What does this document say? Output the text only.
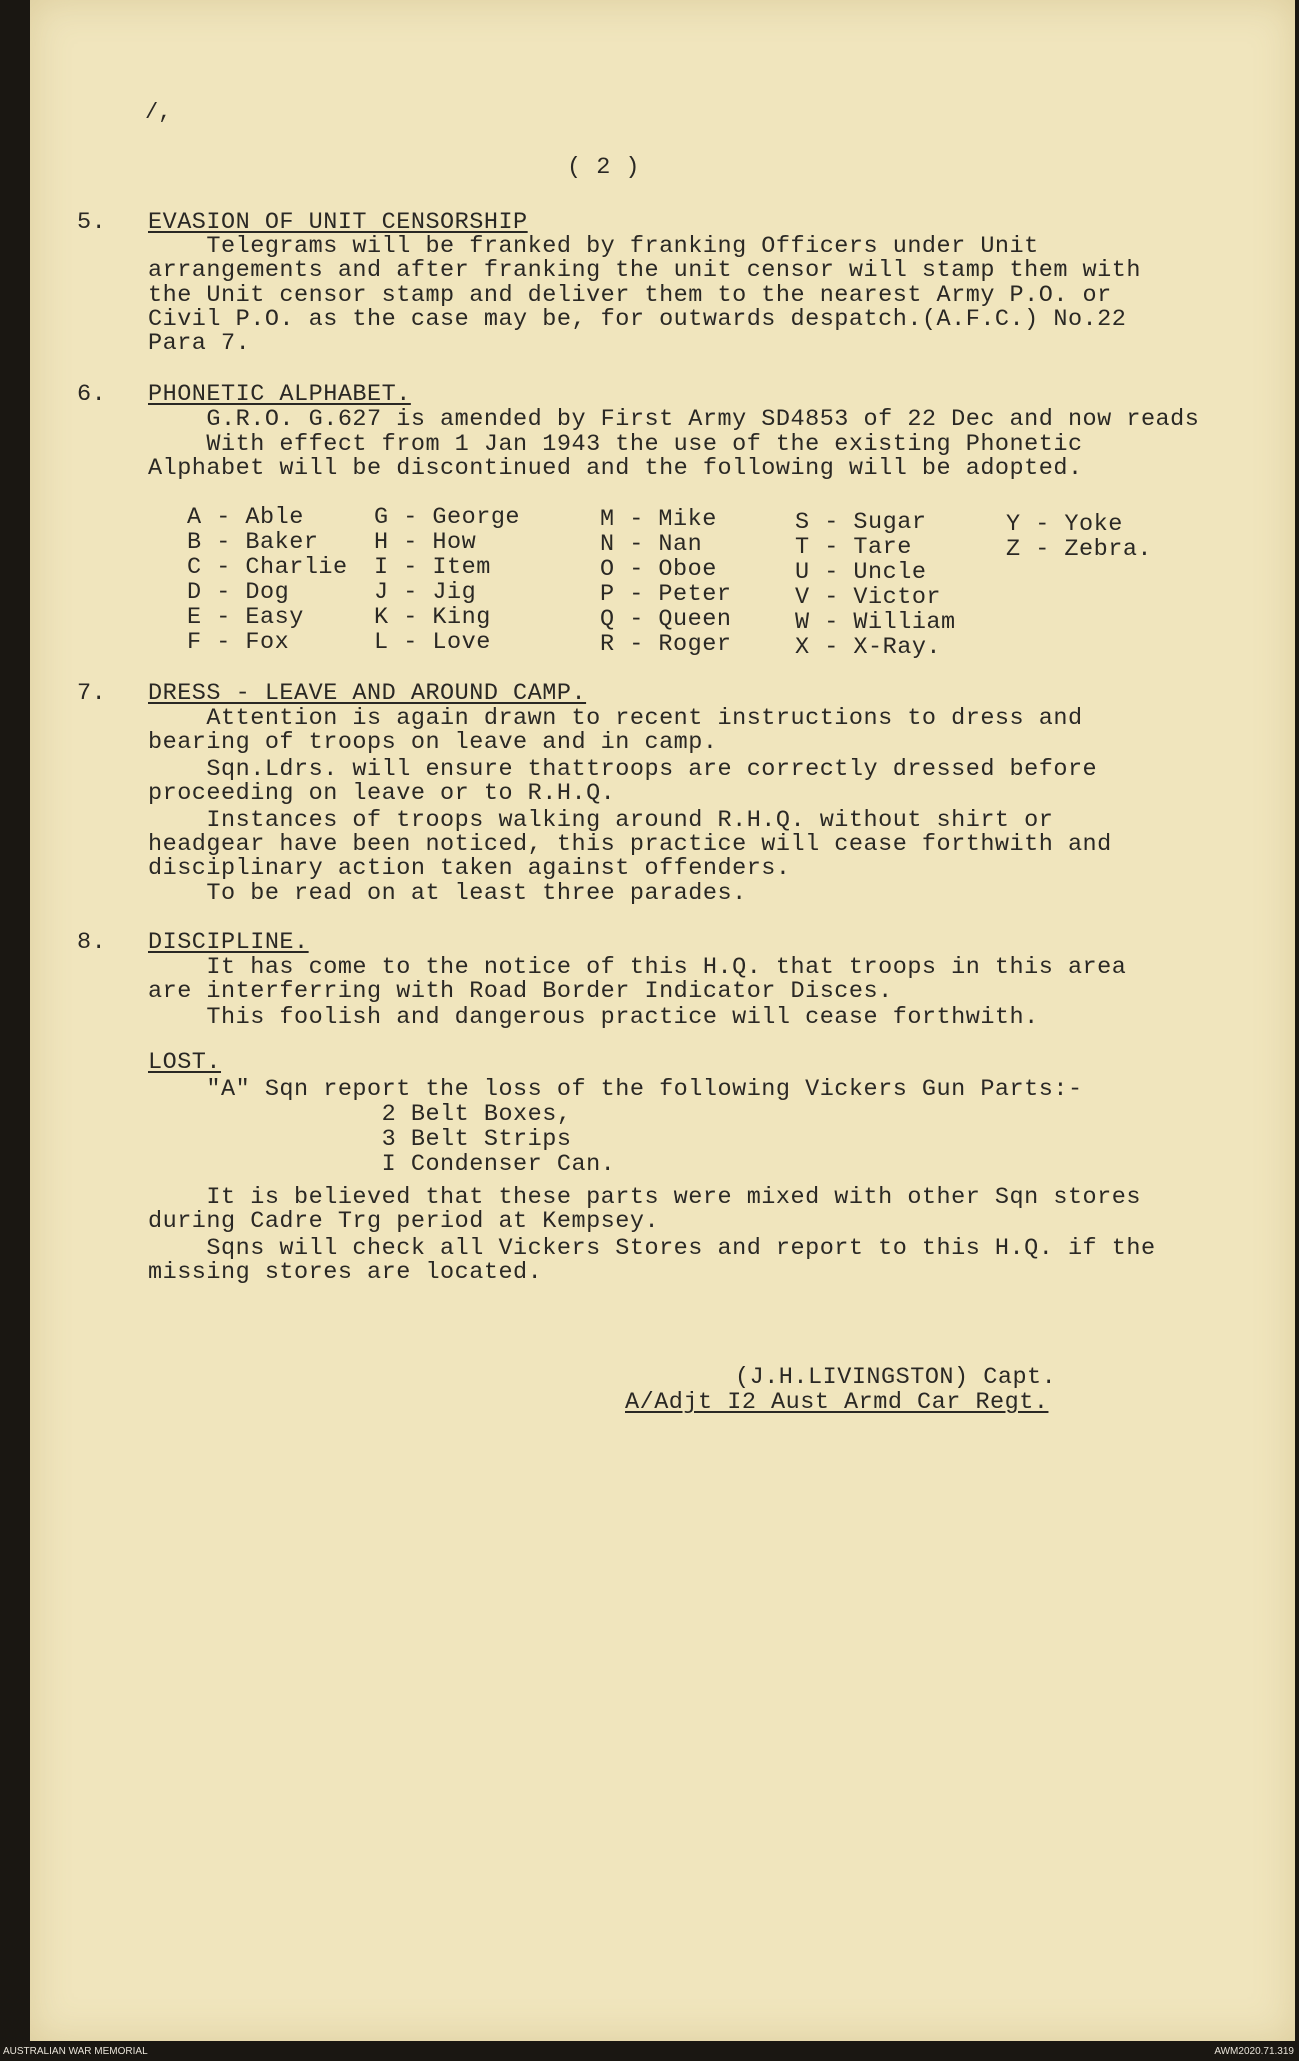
/,
( 2 )
5. EVASION OF UNIT CENSORSHIP
Telegrams will be franked by franking Officers under Unit
arrangements and after franking the unit censor will stamp them with
the Unit censor stamp and deliver them to the nearest Army P.O. or
Civil P.O. as the case may be, for outwards despatch.(A.F.C.) No.22
Para 7.
6. PHONETIC ALPHABET.
G.R.O. G.627 is amended by First Army SD4853 of 22 Dec and now reads
With effect from 1 Jan 1943 the use of the existing Phonetic
Alphabet will be discontinued and the following will be adopted.
A - Able
B - Baker
C - Charlie
D - Dog
E - Easy
F - Fox
G - George
H - How
I - Item
J - Jig
K - King
L - Love
M - Mike
N - Nan
O - Oboe
P - Peter
Q - Queen
R - Roger
S - Sugar
T - Tare
U - Uncle
V - Victor
W - William
X - X-Ray.
Y - Yoke
Z - Zebra.
7. DRESS - LEAVE AND AROUND CAMP.
Attention is again drawn to recent instructions to dress and
bearing of troops on leave and in camp.
Sqn.Ldrs. will ensure thattroops are correctly dressed before
proceeding on leave or to R.H.Q.
Instances of troops walking around R.H.Q. without shirt or
headgear have been noticed, this practice will cease forthwith and
disciplinary action taken against offenders.
To be read on at least three parades.
8. DISCIPLINE.
It has come to the notice of this H.Q. that troops in this area
are interferring with Road Border Indicator Disces.
This foolish and dangerous practice will cease forthwith.
LOST.
"A" Sqn report the loss of the following Vickers Gun Parts:-
2 Belt Boxes,
3 Belt Strips
I Condenser Can.
It is believed that these parts were mixed with other Sqn stores
during Cadre Trg period at Kempsey.
Sqns will check all Vickers Stores and report to this H.Q. if the
missing stores are located.
(J.H.LIVINGSTON) Capt.
A/Adjt I2 Aust Armd Car Regt.
AUSTRALIAN WAR MEMORIAL	AWM2020.71.319
